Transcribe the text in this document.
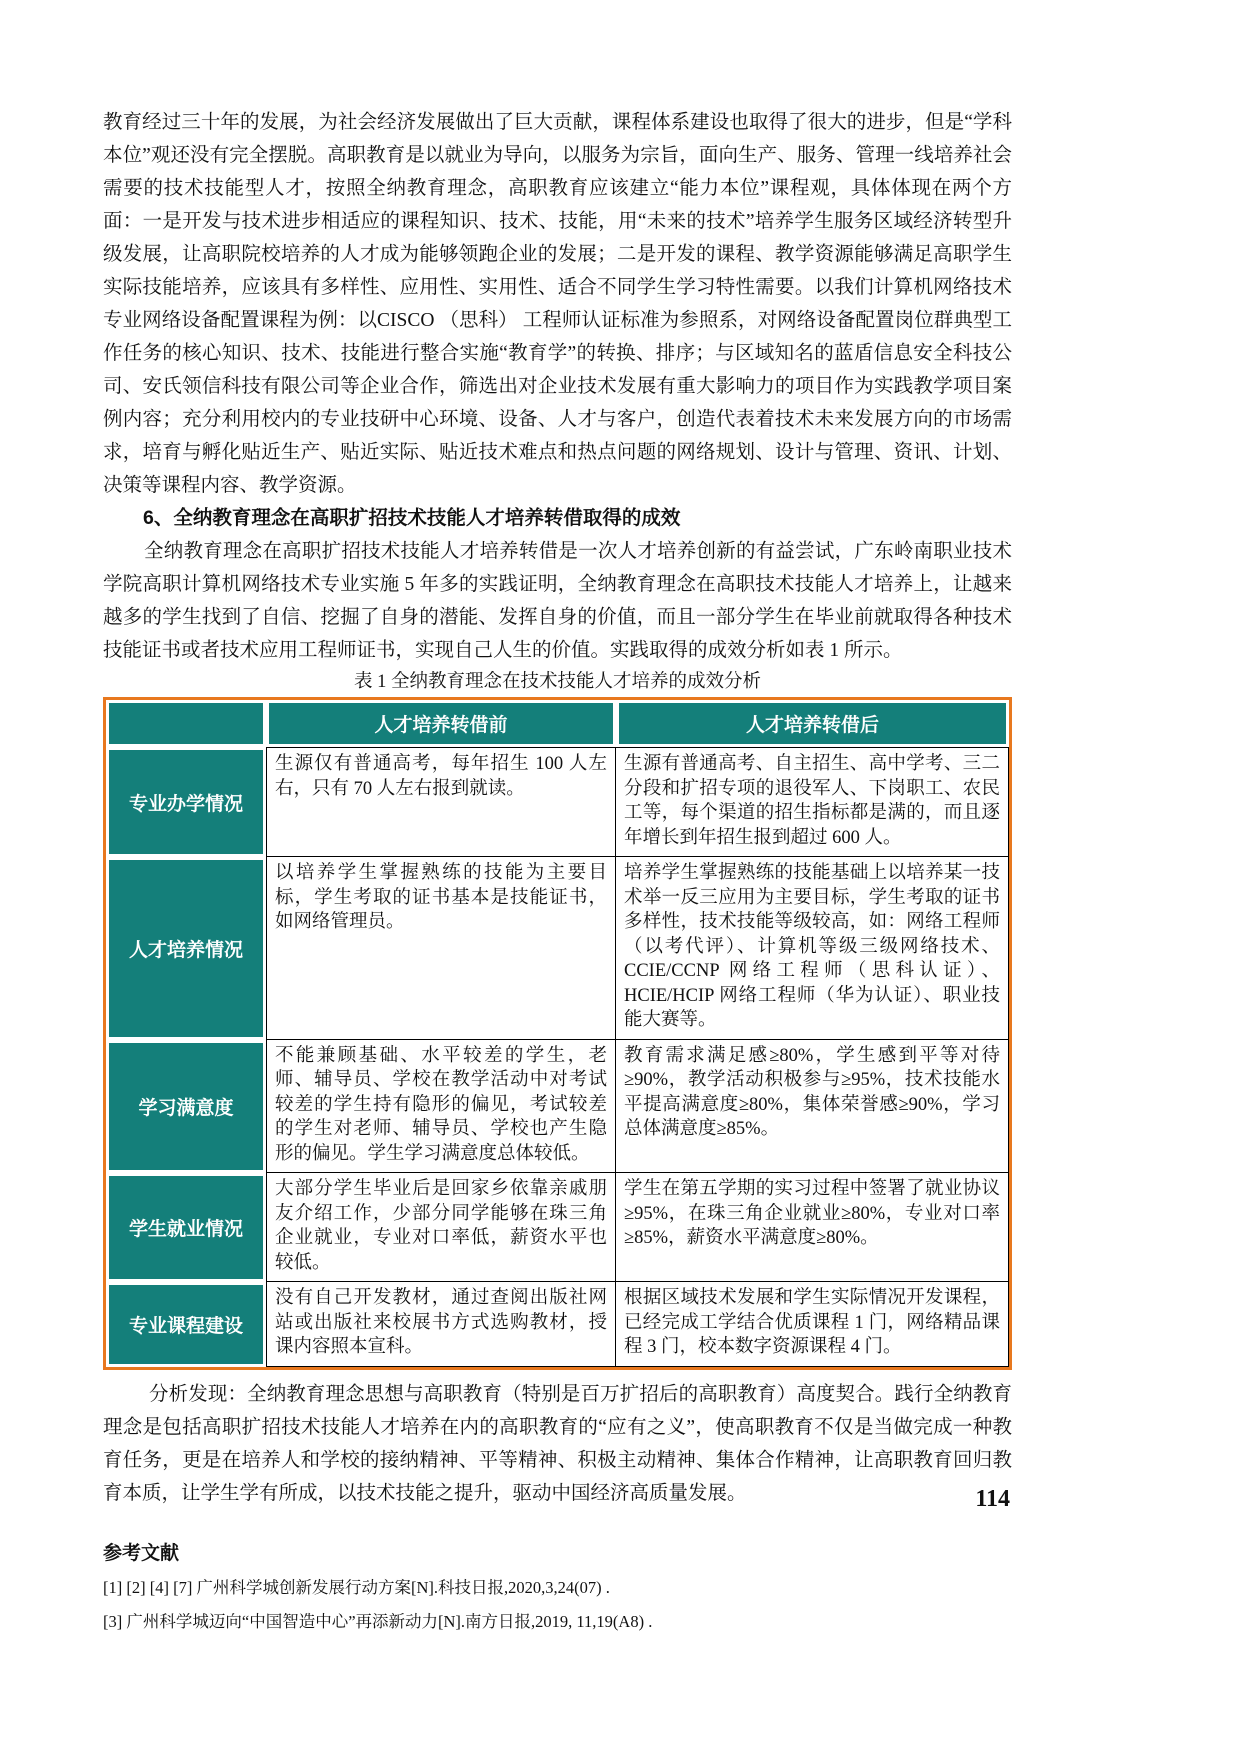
教育经过三十年的发展，为社会经济发展做出了巨大贡献，课程体系建设也取得了很大的进步，但是“学科本位”观还没有完全摆脱。高职教育是以就业为导向，以服务为宗旨，面向生产、服务、管理一线培养社会需要的技术技能型人才，按照全纳教育理念，高职教育应该建立“能力本位”课程观，具体体现在两个方面：一是开发与技术进步相适应的课程知识、技术、技能，用“未来的技术”培养学生服务区域经济转型升级发展，让高职院校培养的人才成为能够领跑企业的发展；二是开发的课程、教学资源能够满足高职学生实际技能培养，应该具有多样性、应用性、实用性、适合不同学生学习特性需要。以我们计算机网络技术专业网络设备配置课程为例：以CISCO （思科） 工程师认证标准为参照系，对网络设备配置岗位群典型工作任务的核心知识、技术、技能进行整合实施“教育学”的转换、排序；与区域知名的蓝盾信息安全科技公司、安氏领信科技有限公司等企业合作，筛选出对企业技术发展有重大影响力的项目作为实践教学项目案例内容；充分利用校内的专业技研中心环境、设备、人才与客户，创造代表着技术未来发展方向的市场需求，培育与孵化贴近生产、贴近实际、贴近技术难点和热点问题的网络规划、设计与管理、资讯、计划、决策等课程内容、教学资源。

6、全纳教育理念在高职扩招技术技能人才培养转借取得的成效

全纳教育理念在高职扩招技术技能人才培养转借是一次人才培养创新的有益尝试，广东岭南职业技术学院高职计算机网络技术专业实施 5 年多的实践证明，全纳教育理念在高职技术技能人才培养上，让越来越多的学生找到了自信、挖掘了自身的潜能、发挥自身的价值，而且一部分学生在毕业前就取得各种技术技能证书或者技术应用工程师证书，实现自己人生的价值。实践取得的成效分析如表 1 所示。

表 1 全纳教育理念在技术技能人才培养的成效分析
人才培养转借前	人才培养转借后
专业办学情况
生源仅有普通高考，每年招生 100 人左右，只有 70 人左右报到就读。
生源有普通高考、自主招生、高中学考、三二分段和扩招专项的退役军人、下岗职工、农民工等，每个渠道的招生指标都是满的，而且逐年增长到年招生报到超过 600 人。
人才培养情况
以培养学生掌握熟练的技能为主要目标，学生考取的证书基本是技能证书，如网络管理员。
培养学生掌握熟练的技能基础上以培养某一技术举一反三应用为主要目标，学生考取的证书多样性，技术技能等级较高，如：网络工程师（以考代评）、计算机等级三级网络技术、CCIE/CCNP 网络工程师（思科认证）、HCIE/HCIP 网络工程师（华为认证）、职业技能大赛等。
学习满意度
不能兼顾基础、水平较差的学生，老师、辅导员、学校在教学活动中对考试较差的学生持有隐形的偏见，考试较差的学生对老师、辅导员、学校也产生隐形的偏见。学生学习满意度总体较低。
教育需求满足感≥80%，学生感到平等对待≥90%，教学活动积极参与≥95%，技术技能水平提高满意度≥80%，集体荣誉感≥90%，学习总体满意度≥85%。
学生就业情况
大部分学生毕业后是回家乡依靠亲戚朋友介绍工作，少部分同学能够在珠三角企业就业，专业对口率低，薪资水平也较低。
学生在第五学期的实习过程中签署了就业协议≥95%，在珠三角企业就业≥80%，专业对口率≥85%，薪资水平满意度≥80%。
专业课程建设
没有自己开发教材，通过查阅出版社网站或出版社来校展书方式选购教材，授课内容照本宣科。
根据区域技术发展和学生实际情况开发课程，已经完成工学结合优质课程 1 门，网络精品课程 3 门，校本数字资源课程 4 门。

分析发现：全纳教育理念思想与高职教育（特别是百万扩招后的高职教育）高度契合。践行全纳教育理念是包括高职扩招技术技能人才培养在内的高职教育的“应有之义”，使高职教育不仅是当做完成一种教育任务，更是在培养人和学校的接纳精神、平等精神、积极主动精神、集体合作精神，让高职教育回归教育本质，让学生学有所成，以技术技能之提升，驱动中国经济高质量发展。

参考文献

[1] [2] [4] [7] 广州科学城创新发展行动方案[N].科技日报,2020,3,24(07) .

[3] 广州科学城迈向“中国智造中心”再添新动力[N].南方日报,2019, 11,19(A8) .

114
